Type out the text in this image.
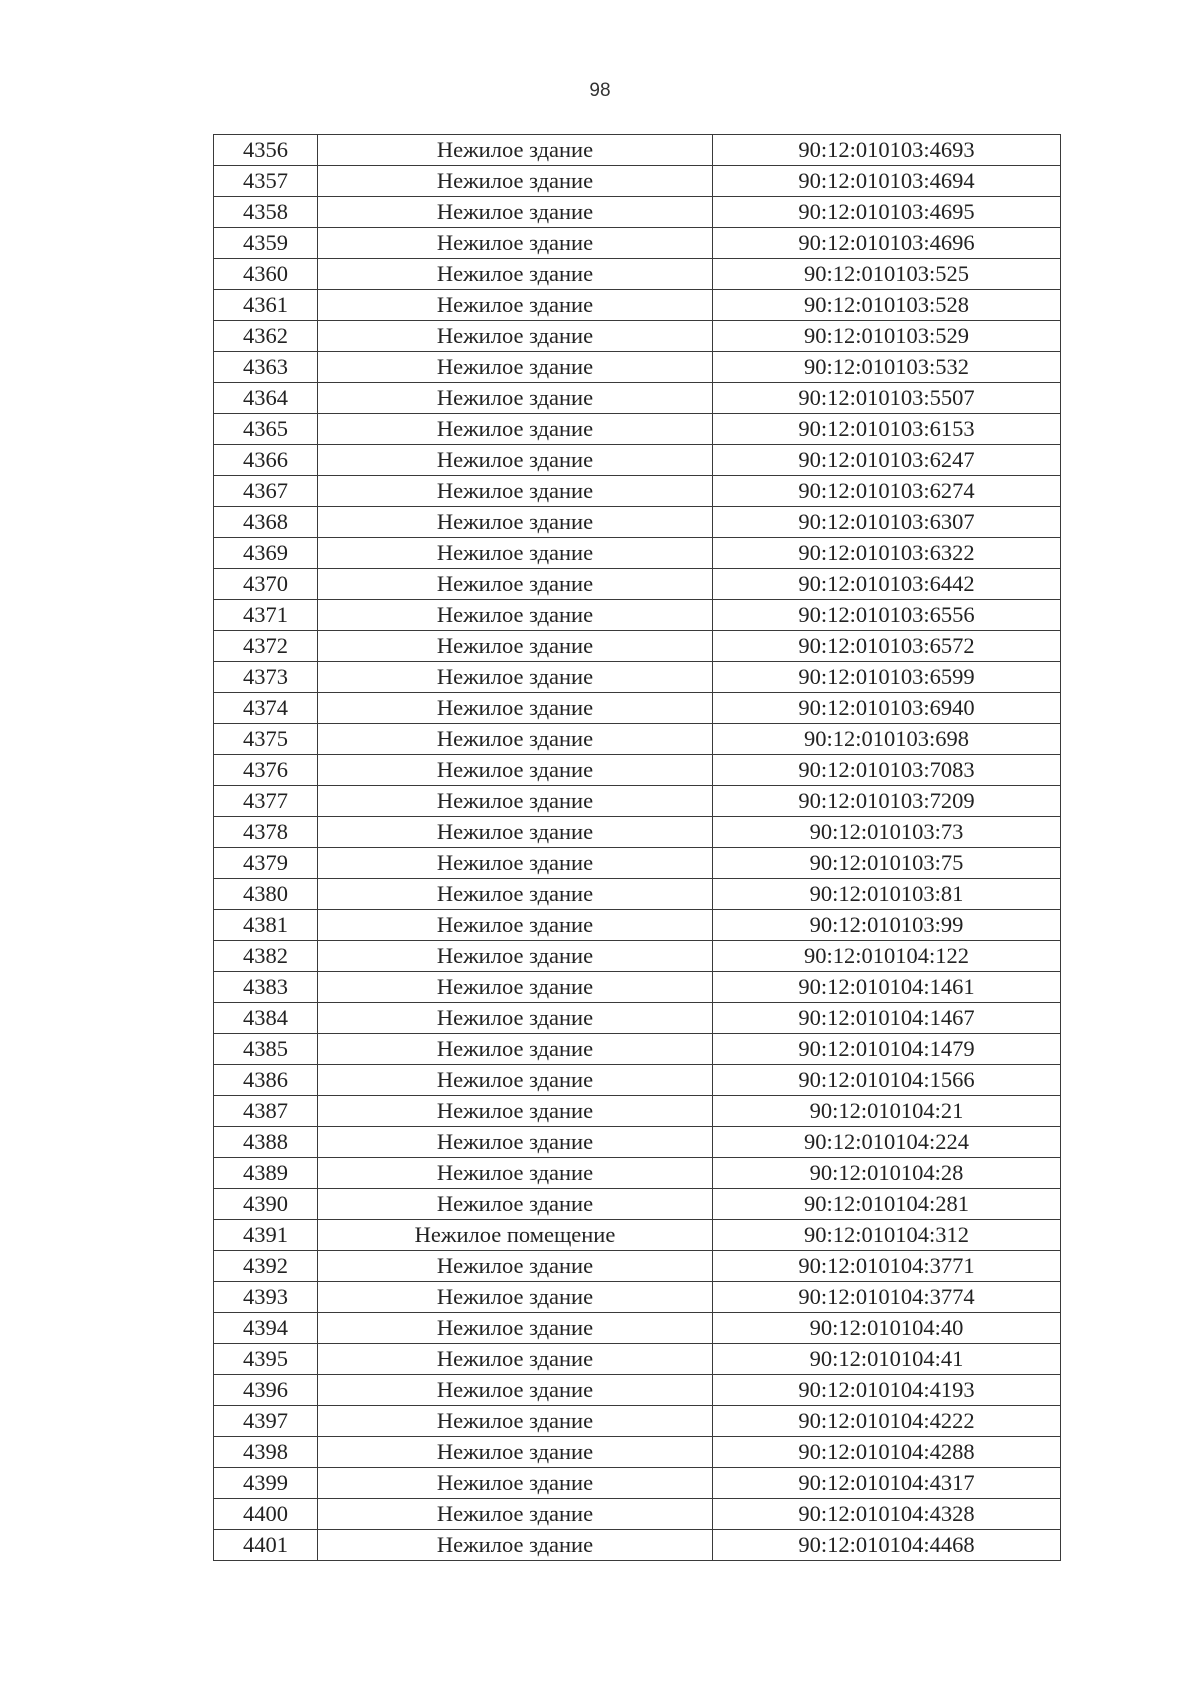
98
4356	Нежилое здание	90:12:010103:4693
4357	Нежилое здание	90:12:010103:4694
4358	Нежилое здание	90:12:010103:4695
4359	Нежилое здание	90:12:010103:4696
4360	Нежилое здание	90:12:010103:525
4361	Нежилое здание	90:12:010103:528
4362	Нежилое здание	90:12:010103:529
4363	Нежилое здание	90:12:010103:532
4364	Нежилое здание	90:12:010103:5507
4365	Нежилое здание	90:12:010103:6153
4366	Нежилое здание	90:12:010103:6247
4367	Нежилое здание	90:12:010103:6274
4368	Нежилое здание	90:12:010103:6307
4369	Нежилое здание	90:12:010103:6322
4370	Нежилое здание	90:12:010103:6442
4371	Нежилое здание	90:12:010103:6556
4372	Нежилое здание	90:12:010103:6572
4373	Нежилое здание	90:12:010103:6599
4374	Нежилое здание	90:12:010103:6940
4375	Нежилое здание	90:12:010103:698
4376	Нежилое здание	90:12:010103:7083
4377	Нежилое здание	90:12:010103:7209
4378	Нежилое здание	90:12:010103:73
4379	Нежилое здание	90:12:010103:75
4380	Нежилое здание	90:12:010103:81
4381	Нежилое здание	90:12:010103:99
4382	Нежилое здание	90:12:010104:122
4383	Нежилое здание	90:12:010104:1461
4384	Нежилое здание	90:12:010104:1467
4385	Нежилое здание	90:12:010104:1479
4386	Нежилое здание	90:12:010104:1566
4387	Нежилое здание	90:12:010104:21
4388	Нежилое здание	90:12:010104:224
4389	Нежилое здание	90:12:010104:28
4390	Нежилое здание	90:12:010104:281
4391	Нежилое помещение	90:12:010104:312
4392	Нежилое здание	90:12:010104:3771
4393	Нежилое здание	90:12:010104:3774
4394	Нежилое здание	90:12:010104:40
4395	Нежилое здание	90:12:010104:41
4396	Нежилое здание	90:12:010104:4193
4397	Нежилое здание	90:12:010104:4222
4398	Нежилое здание	90:12:010104:4288
4399	Нежилое здание	90:12:010104:4317
4400	Нежилое здание	90:12:010104:4328
4401	Нежилое здание	90:12:010104:4468
